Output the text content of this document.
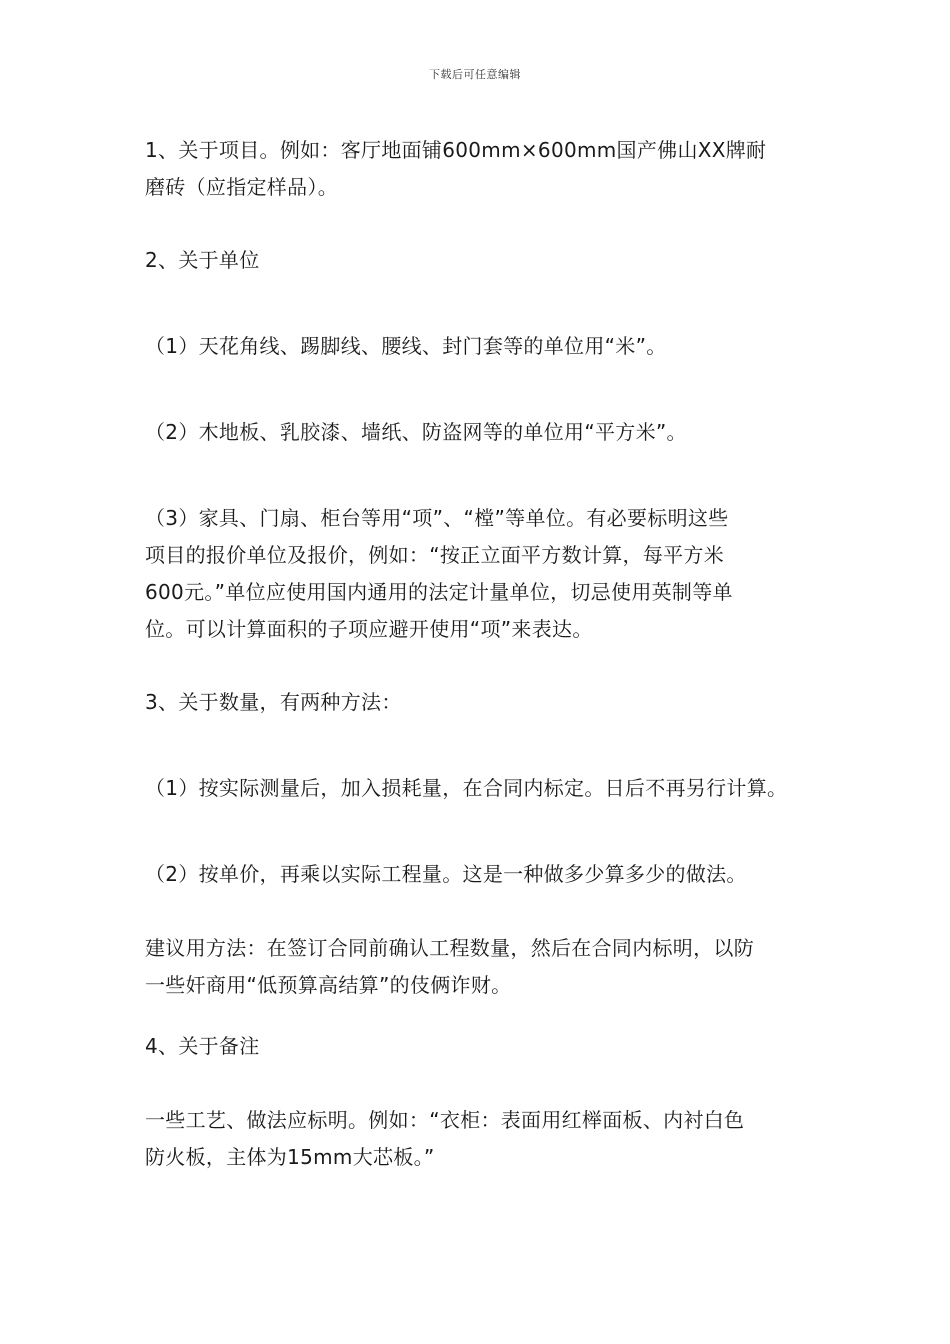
下载后可任意编辑

1、关于项目。例如：客厅地面铺600mm×600mm国产佛山XX牌耐
磨砖（应指定样品）。

2、关于单位

（1）天花角线、踢脚线、腰线、封门套等的单位用“米”。

（2）木地板、乳胶漆、墙纸、防盗网等的单位用“平方米”。

（3）家具、门扇、柜台等用“项”、“樘”等单位。有必要标明这些
项目的报价单位及报价，例如：“按正立面平方数计算，每平方米
600元。”单位应使用国内通用的法定计量单位，切忌使用英制等单
位。可以计算面积的子项应避开使用“项”来表达。

3、关于数量，有两种方法：

（1）按实际测量后，加入损耗量，在合同内标定。日后不再另行计算。

（2）按单价，再乘以实际工程量。这是一种做多少算多少的做法。

建议用方法：在签订合同前确认工程数量，然后在合同内标明，以防
一些奸商用“低预算高结算”的伎俩诈财。

4、关于备注

一些工艺、做法应标明。例如：“衣柜：表面用红榉面板、内衬白色
防火板，主体为15mm大芯板。”
